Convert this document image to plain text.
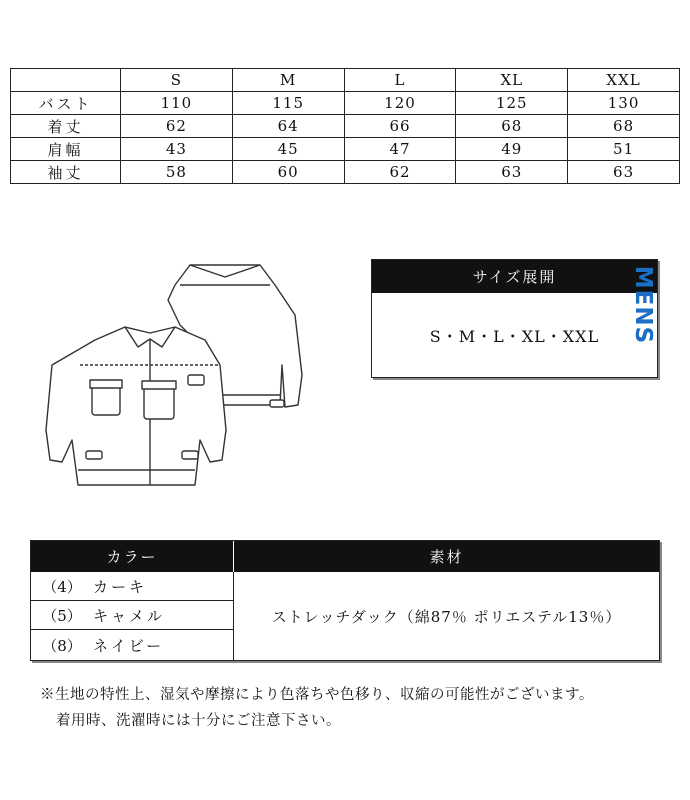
	S	M	L	XL	XXL
バスト	110	115	120	125	130
着丈	62	64	66	68	68
肩幅	43	45	47	49	51
袖丈	58	60	62	63	63
サイズ展開
S・M・L・XL・XXL	MENS
カラー	素材
（4） カーキ
（5） キャメル
（8） ネイビー
ストレッチダック（綿87％ ポリエステル13％）
※生地の特性上、湿気や摩擦により色落ちや色移り、収縮の可能性がございます。
着用時、洗濯時には十分にご注意下さい。
